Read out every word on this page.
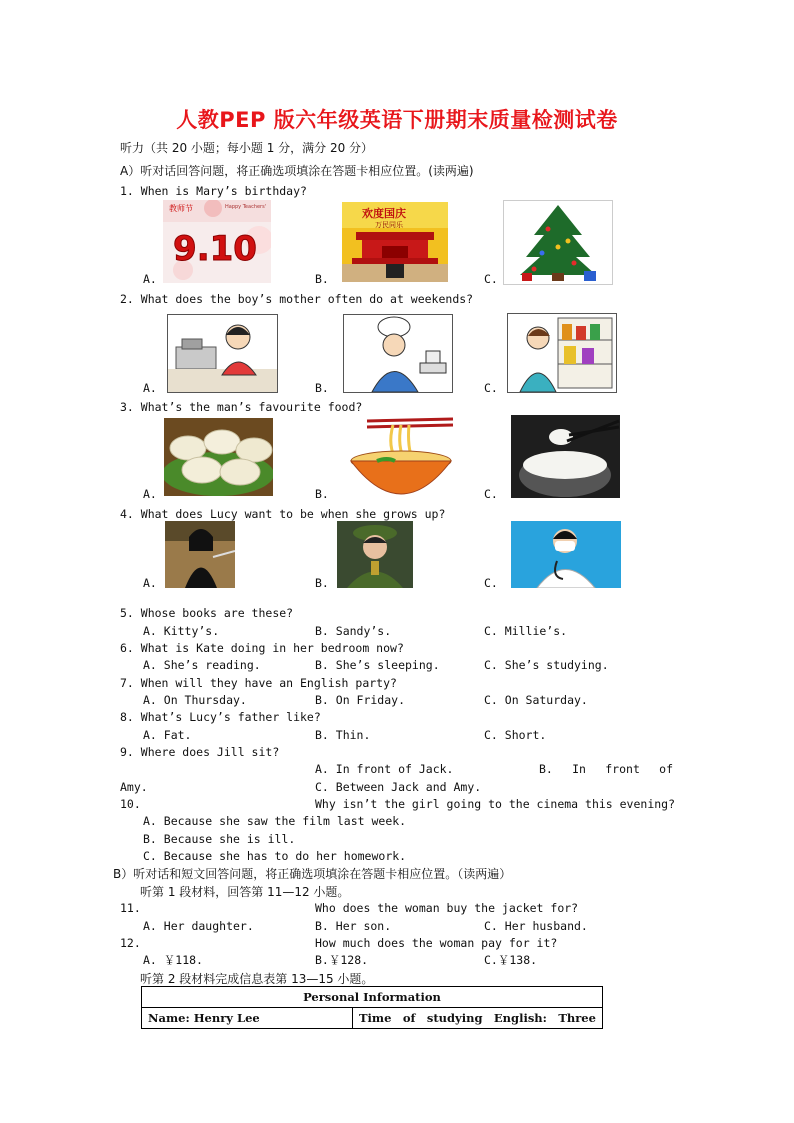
人教PEP 版六年级英语下册期末质量检测试卷
听力（共 20 小题；每小题 1 分，满分 20 分）
A）听对话回答问题，将正确选项填涂在答题卡相应位置。(读两遍)
1. When is Mary’s birthday?
A.
9.10
教师节	Happy Teachers'
B.
欢度国庆
万民同乐
C.
2. What does the boy’s mother often do at weekends?
A.	B.	C.
3. What’s the man’s favourite food?
A.	B.	C.
4. What does Lucy want to be when she grows up?
A.	B.	C.
5. Whose books are these?
A. Kitty’s.	B. Sandy’s.	C. Millie’s.
6. What is Kate doing in her bedroom now?
A. She’s reading.	B. She’s sleeping.	C. She’s studying.
7. When will they have an English party?
A. On Thursday.	B. On Friday.	C. On Saturday.
8. What’s Lucy’s father like?
A. Fat.	B. Thin.	C. Short.
9. Where does Jill sit?
A. In front of Jack.	B. In front of
Amy.	C. Between Jack and Amy.
10.	Why isn’t the girl going to the cinema this evening?
A. Because she saw the film last week.
B. Because she is ill.
C. Because she has to do her homework.
B）听对话和短文回答问题，将正确选项填涂在答题卡相应位置。（读两遍）
听第 1 段材料，回答第 11—12 小题。
11.	Who does the woman buy the jacket for?
A. Her daughter.	B. Her son.	C. Her husband.
12.	How much does the woman pay for it?
A. ￥118.	B.￥128.	C.￥138.
听第 2 段材料完成信息表第 13—15 小题。
Personal Information
Name: Henry Lee	Time of studying English: Three
